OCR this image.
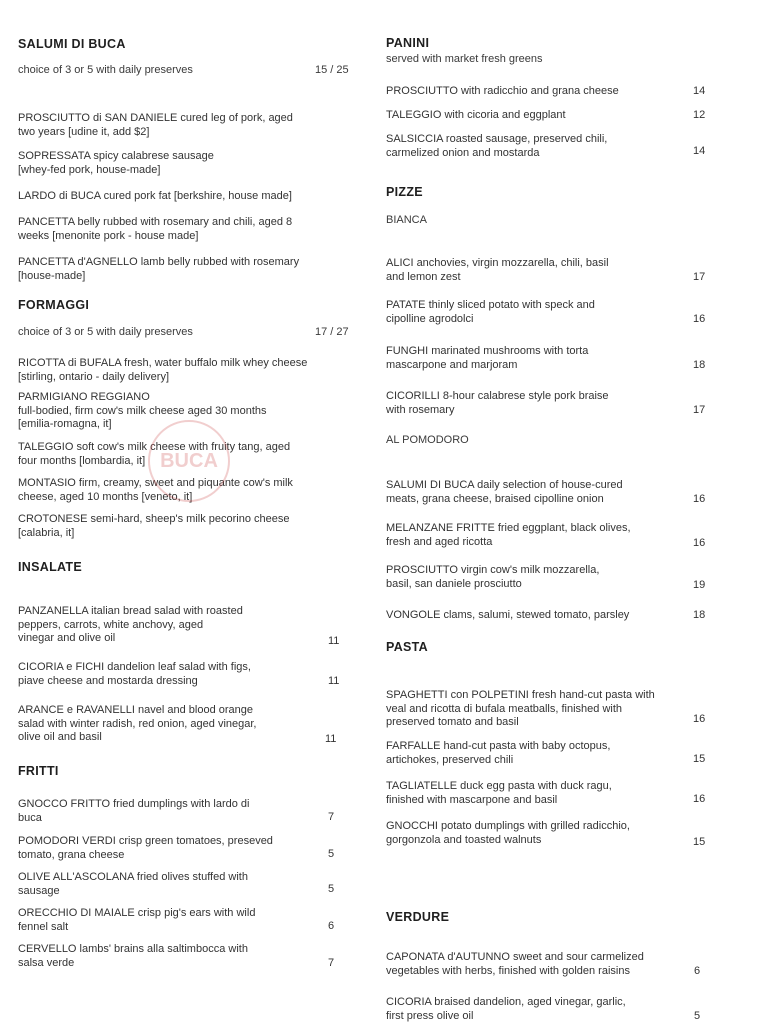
SALUMI DI BUCA
choice of 3 or 5 with daily preserves	15 / 25
PROSCIUTTO di SAN DANIELE cured leg of pork, aged
two years [udine it, add $2]
SOPRESSATA spicy calabrese sausage
[whey-fed pork, house-made]
LARDO di BUCA cured pork fat [berkshire, house made]
PANCETTA belly rubbed with rosemary and chili, aged 8
weeks [menonite pork - house made]
PANCETTA d'AGNELLO lamb belly rubbed with rosemary
[house-made]
FORMAGGI
choice of 3 or 5 with daily preserves	17 / 27
RICOTTA di BUFALA fresh, water buffalo milk whey cheese
[stirling, ontario - daily delivery]
PARMIGIANO REGGIANO
full-bodied, firm cow's milk cheese aged 30 months
[emilia-romagna, it]
TALEGGIO soft cow's milk cheese with fruity tang, aged
four months [lombardia, it]
MONTASIO firm, creamy, sweet and piquante cow's milk
cheese, aged 10 months [veneto, it]
CROTONESE semi-hard, sheep's milk pecorino cheese
[calabria, it]
INSALATE
PANZANELLA italian bread salad with roasted
peppers, carrots, white anchovy, aged
vinegar and olive oil	11
CICORIA e FICHI dandelion leaf salad with figs,
piave cheese and mostarda dressing	11
ARANCE e RAVANELLI navel and blood orange
salad with winter radish, red onion, aged vinegar,
olive oil and basil	11
FRITTI
GNOCCO FRITTO fried dumplings with lardo di
buca	7
POMODORI VERDI crisp green tomatoes, preseved
tomato, grana cheese	5
OLIVE ALL'ASCOLANA fried olives stuffed with
sausage	5
ORECCHIO DI MAIALE crisp pig's ears with wild
fennel salt	6
CERVELLO lambs' brains alla saltimbocca with
salsa verde	7
BUCA
PANINI
served with market fresh greens
PROSCIUTTO with radicchio and grana cheese	14
TALEGGIO with cicoria and eggplant	12
SALSICCIA roasted sausage, preserved chili,
carmelized onion and mostarda	14
PIZZE
BIANCA
ALICI anchovies, virgin mozzarella, chili, basil
and lemon zest	17
PATATE thinly sliced potato with speck and
cipolline agrodolci	16
FUNGHI marinated mushrooms with torta
mascarpone and marjoram	18
CICORILLI 8-hour calabrese style pork braise
with rosemary	17
AL POMODORO
SALUMI DI BUCA daily selection of house-cured
meats, grana cheese, braised cipolline onion	16
MELANZANE FRITTE fried eggplant, black olives,
fresh and aged ricotta	16
PROSCIUTTO virgin cow's milk mozzarella,
basil, san daniele prosciutto	19
VONGOLE clams, salumi, stewed tomato, parsley	18
PASTA
SPAGHETTI con POLPETINI fresh hand-cut pasta with
veal and ricotta di bufala meatballs, finished with
preserved tomato and basil	16
FARFALLE hand-cut pasta with baby octopus,
artichokes, preserved chili	15
TAGLIATELLE duck egg pasta with duck ragu,
finished with mascarpone and basil	16
GNOCCHI potato dumplings with grilled radicchio,
gorgonzola and toasted walnuts	15
VERDURE
CAPONATA d'AUTUNNO sweet and sour carmelized
vegetables with herbs, finished with golden raisins	6
CICORIA braised dandelion, aged vinegar, garlic,
first press olive oil	5
